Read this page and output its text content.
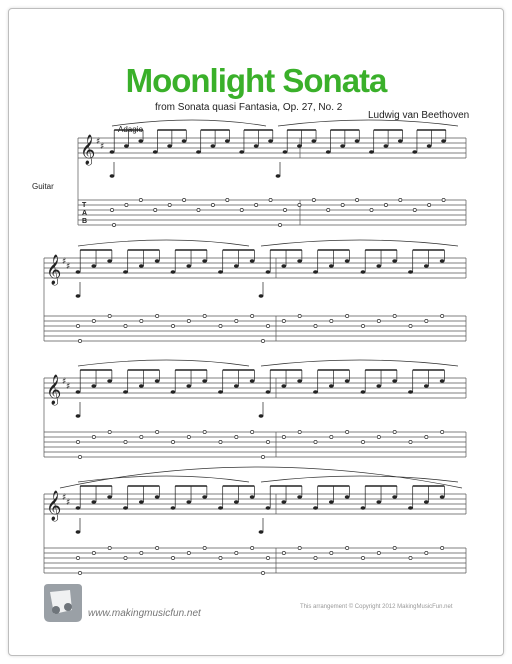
Moonlight Sonata
from Sonata quasi Fantasia, Op. 27, No. 2
Ludwig van Beethoven
Adagio
Guitar
𝄞 ♯ ♯
T
A
B
𝄞 ♯ ♯
𝄞 ♯ ♯
𝄞 ♯ ♯
www.makingmusicfun.net
This arrangement © Copyright 2012 MakingMusicFun.net
